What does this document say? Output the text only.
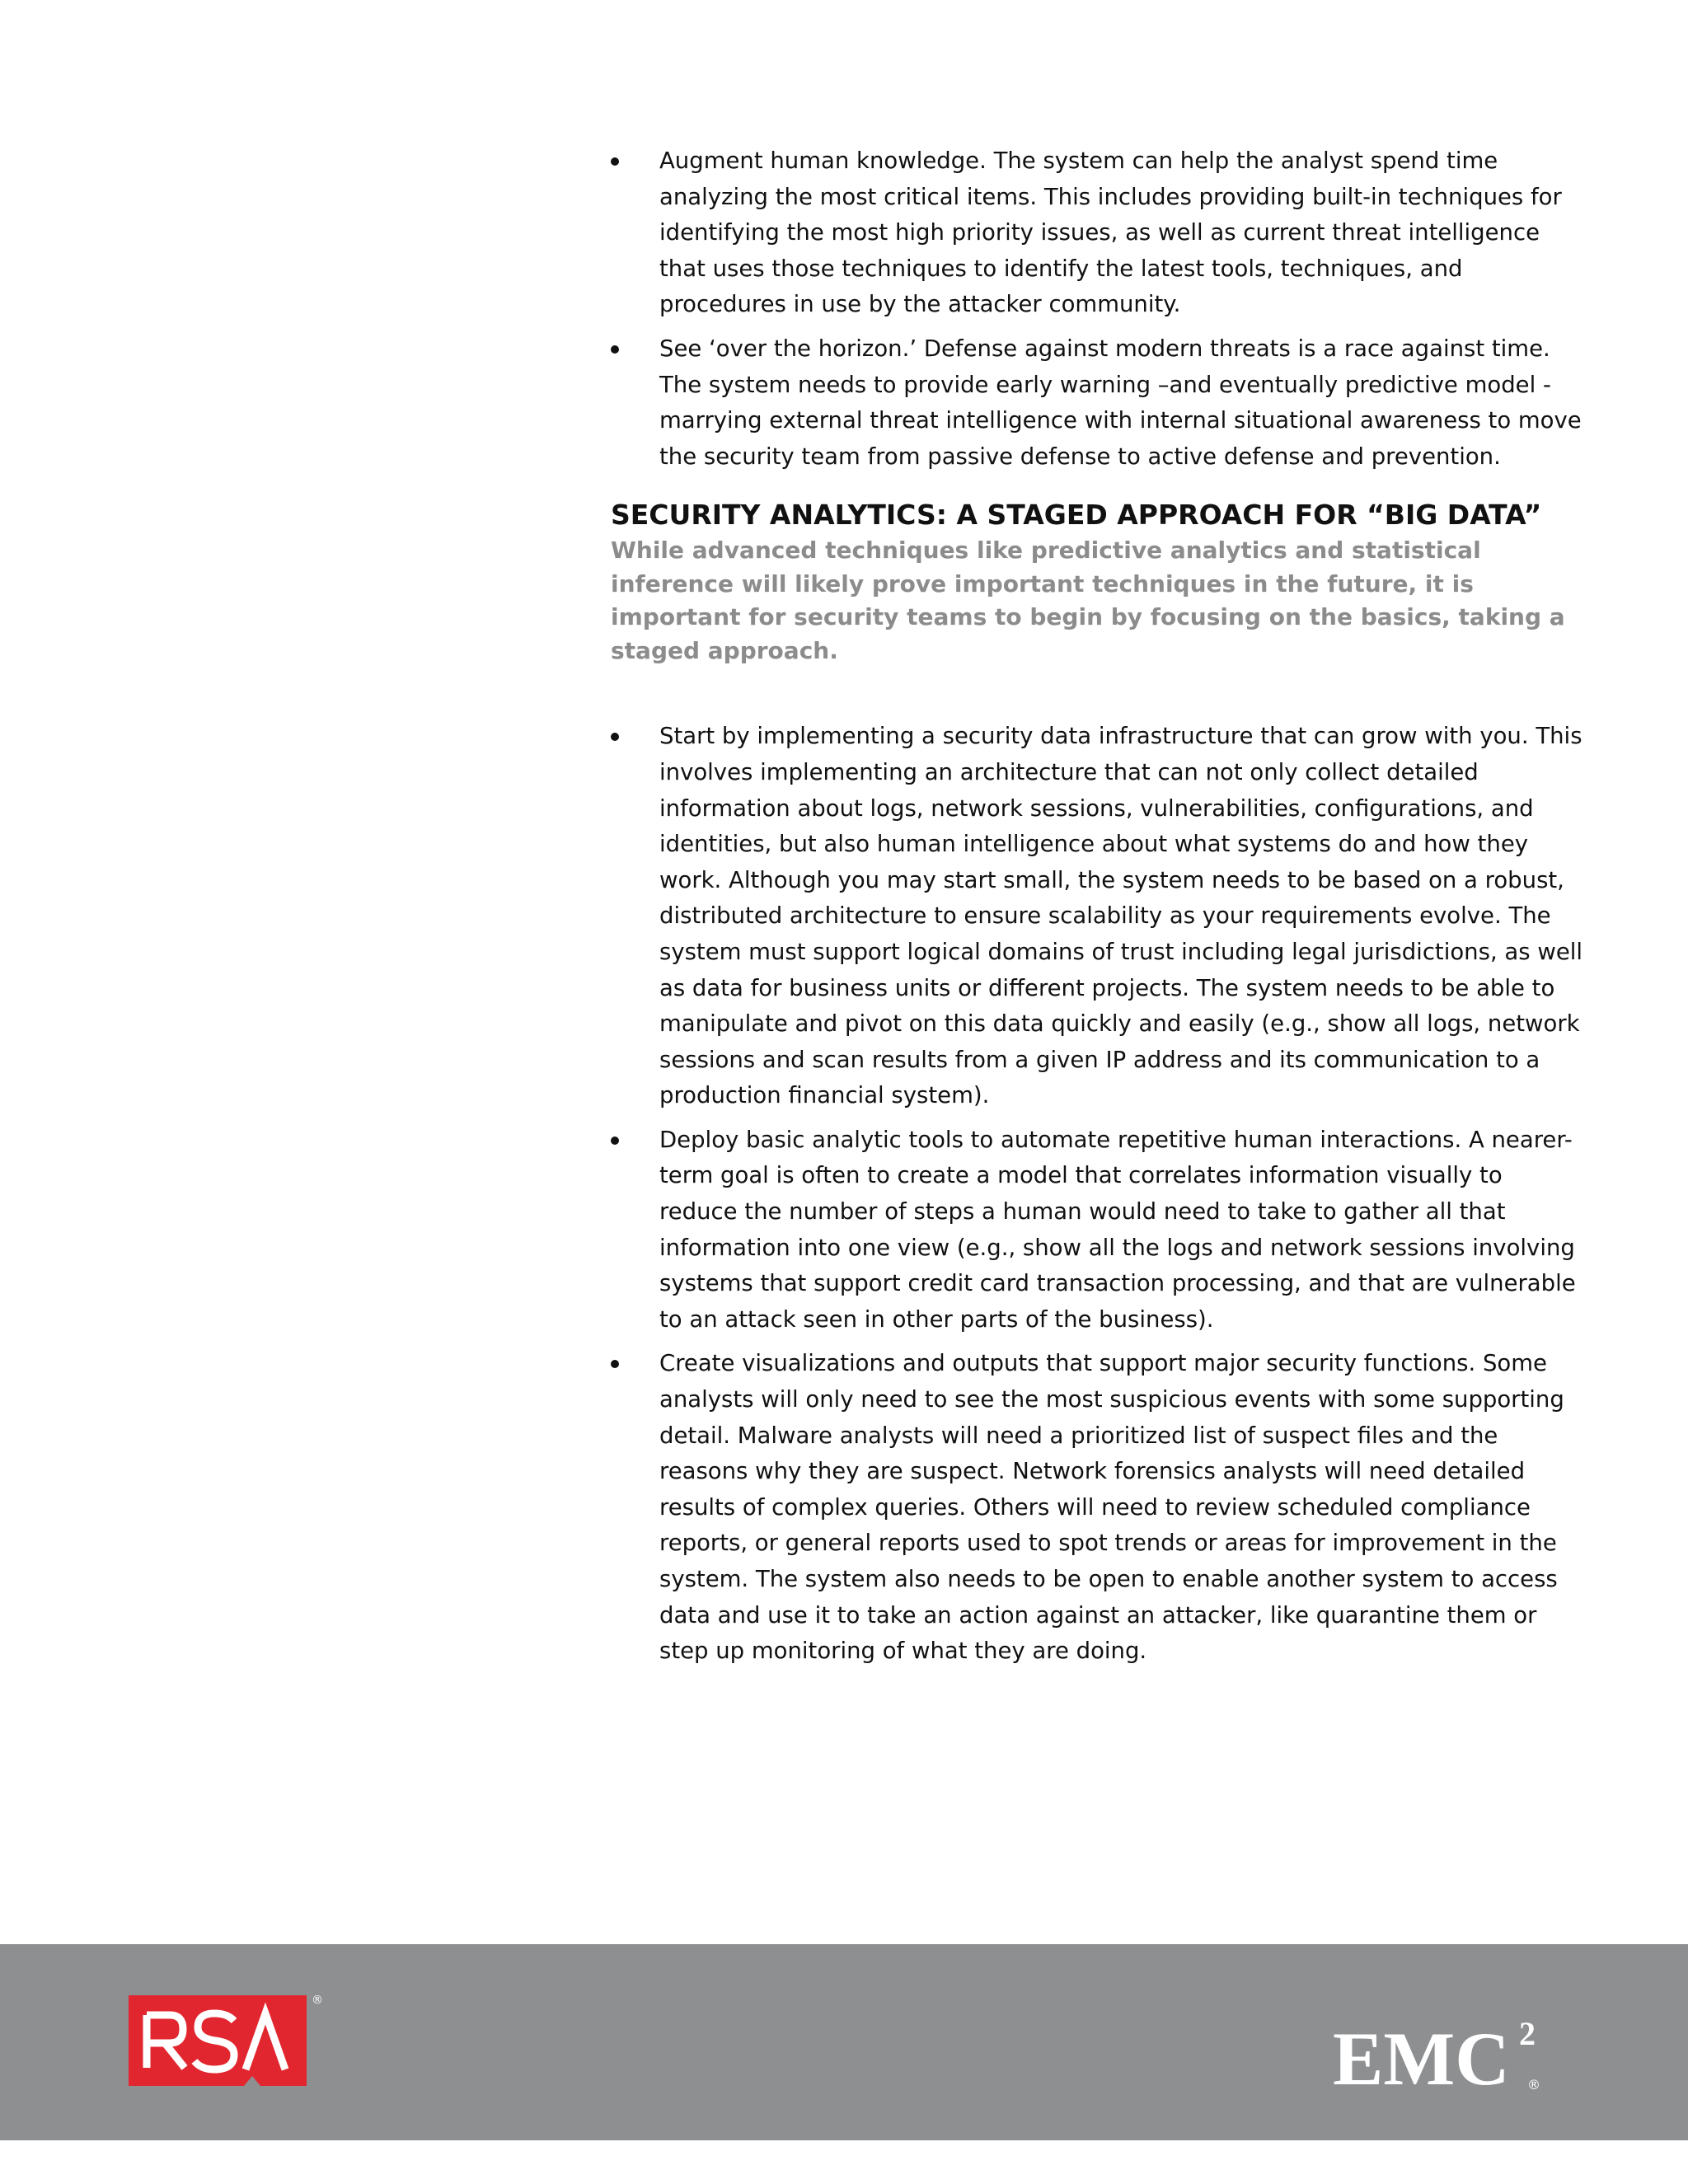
Augment human knowledge. The system can help the analyst spend time analyzing the most critical items. This includes providing built-in techniques for identifying the most high priority issues, as well as current threat intelligence that uses those techniques to identify the latest tools, techniques, and procedures in use by the attacker community.
See ‘over the horizon.’ Defense against modern threats is a race against time. The system needs to provide early warning –and eventually predictive model - marrying external threat intelligence with internal situational awareness to move the security team from passive defense to active defense and prevention.
SECURITY ANALYTICS: A STAGED APPROACH FOR “BIG DATA”

While advanced techniques like predictive analytics and statistical inference will likely prove important techniques in the future, it is important for security teams to begin by focusing on the basics, taking a staged approach.

Start by implementing a security data infrastructure that can grow with you. This involves implementing an architecture that can not only collect detailed information about logs, network sessions, vulnerabilities, configurations, and identities, but also human intelligence about what systems do and how they work. Although you may start small, the system needs to be based on a robust, distributed architecture to ensure scalability as your requirements evolve. The system must support logical domains of trust including legal jurisdictions, as well as data for business units or different projects. The system needs to be able to manipulate and pivot on this data quickly and easily (e.g., show all logs, network sessions and scan results from a given IP address and its communication to a production financial system).
Deploy basic analytic tools to automate repetitive human interactions. A nearer-term goal is often to create a model that correlates information visually to reduce the number of steps a human would need to take to gather all that information into one view (e.g., show all the logs and network sessions involving systems that support credit card transaction processing, and that are vulnerable to an attack seen in other parts of the business).
Create visualizations and outputs that support major security functions. Some analysts will only need to see the most suspicious events with some supporting detail. Malware analysts will need a prioritized list of suspect files and the reasons why they are suspect. Network forensics analysts will need detailed results of complex queries. Others will need to review scheduled compliance reports, or general reports used to spot trends or areas for improvement in the system. The system also needs to be open to enable another system to access data and use it to take an action against an attacker, like quarantine them or step up monitoring of what they are doing.
®
EMC 2
®
